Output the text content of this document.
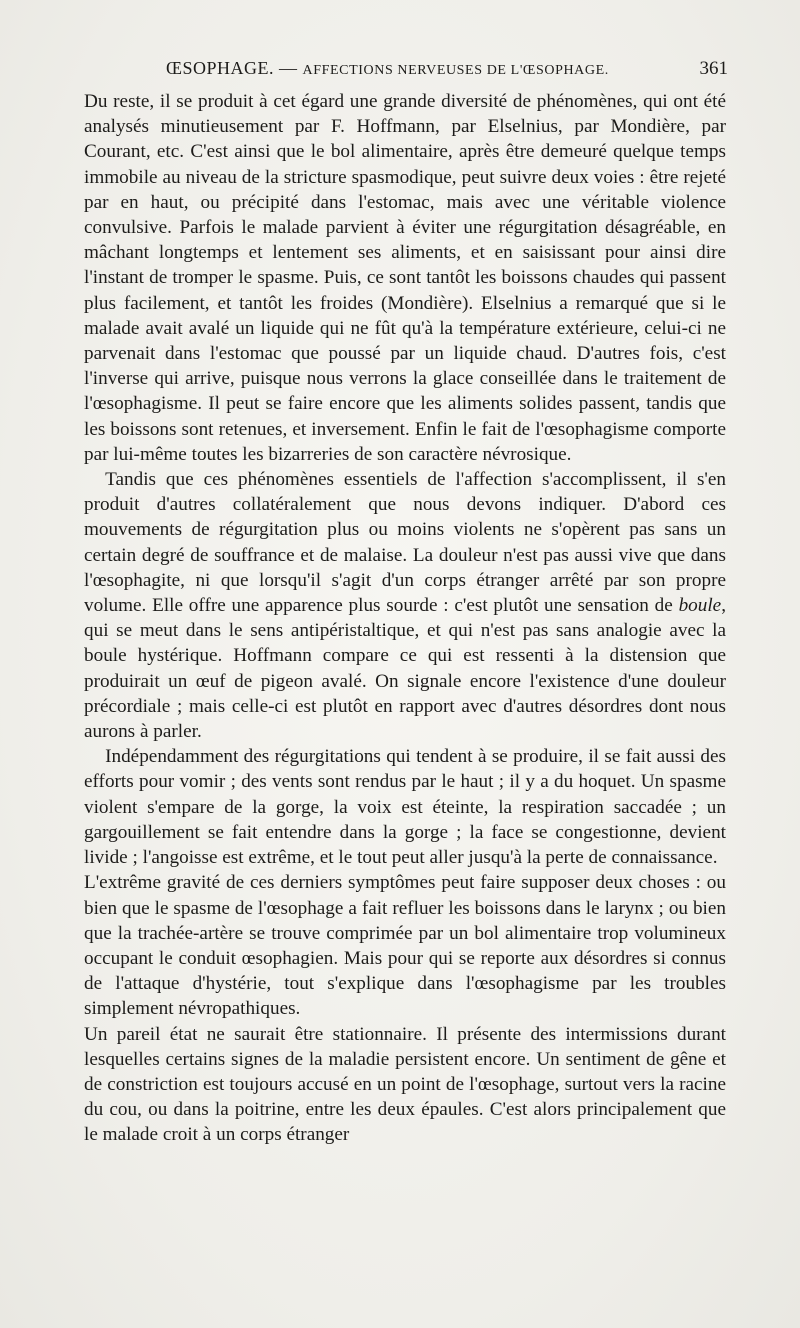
ŒSOPHAGE. — AFFECTIONS NERVEUSES DE L'ŒSOPHAGE.	361

Du reste, il se produit à cet égard une grande diversité de phénomènes, qui ont été analysés minutieusement par F. Hoffmann, par Elselnius, par Mondière, par Courant, etc. C'est ainsi que le bol alimentaire, après être demeuré quelque temps immobile au niveau de la stricture spasmodique, peut suivre deux voies : être rejeté par en haut, ou précipité dans l'estomac, mais avec une véritable violence convulsive. Parfois le malade parvient à éviter une régurgitation désagréable, en mâchant longtemps et lentement ses aliments, et en saisissant pour ainsi dire l'instant de tromper le spasme. Puis, ce sont tantôt les boissons chaudes qui passent plus facilement, et tantôt les froides (Mondière). Elselnius a remarqué que si le malade avait avalé un liquide qui ne fût qu'à la température extérieure, celui-ci ne parvenait dans l'estomac que poussé par un liquide chaud. D'autres fois, c'est l'inverse qui arrive, puisque nous verrons la glace conseillée dans le traitement de l'œsophagisme. Il peut se faire encore que les aliments solides passent, tandis que les boissons sont retenues, et inversement. Enfin le fait de l'œsophagisme comporte par lui-même toutes les bizarreries de son caractère névrosique.

Tandis que ces phénomènes essentiels de l'affection s'accomplissent, il s'en produit d'autres collatéralement que nous devons indiquer. D'abord ces mouvements de régurgitation plus ou moins violents ne s'opèrent pas sans un certain degré de souffrance et de malaise. La douleur n'est pas aussi vive que dans l'œsophagite, ni que lorsqu'il s'agit d'un corps étranger arrêté par son propre volume. Elle offre une apparence plus sourde : c'est plutôt une sensation de boule, qui se meut dans le sens antipéristaltique, et qui n'est pas sans analogie avec la boule hystérique. Hoffmann compare ce qui est ressenti à la distension que produirait un œuf de pigeon avalé. On signale encore l'existence d'une douleur précordiale ; mais celle-ci est plutôt en rapport avec d'autres désordres dont nous aurons à parler.

Indépendamment des régurgitations qui tendent à se produire, il se fait aussi des efforts pour vomir ; des vents sont rendus par le haut ; il y a du hoquet. Un spasme violent s'empare de la gorge, la voix est éteinte, la respiration saccadée ; un gargouillement se fait entendre dans la gorge ; la face se congestionne, devient livide ; l'angoisse est extrême, et le tout peut aller jusqu'à la perte de connaissance.

L'extrême gravité de ces derniers symptômes peut faire supposer deux choses : ou bien que le spasme de l'œsophage a fait refluer les boissons dans le larynx ; ou bien que la trachée-artère se trouve comprimée par un bol alimentaire trop volumineux occupant le conduit œsophagien. Mais pour qui se reporte aux désordres si connus de l'attaque d'hystérie, tout s'explique dans l'œsophagisme par les troubles simplement névropathiques.

Un pareil état ne saurait être stationnaire. Il présente des intermissions durant lesquelles certains signes de la maladie persistent encore. Un sentiment de gêne et de constriction est toujours accusé en un point de l'œsophage, surtout vers la racine du cou, ou dans la poitrine, entre les deux épaules. C'est alors principalement que le malade croit à un corps étranger
